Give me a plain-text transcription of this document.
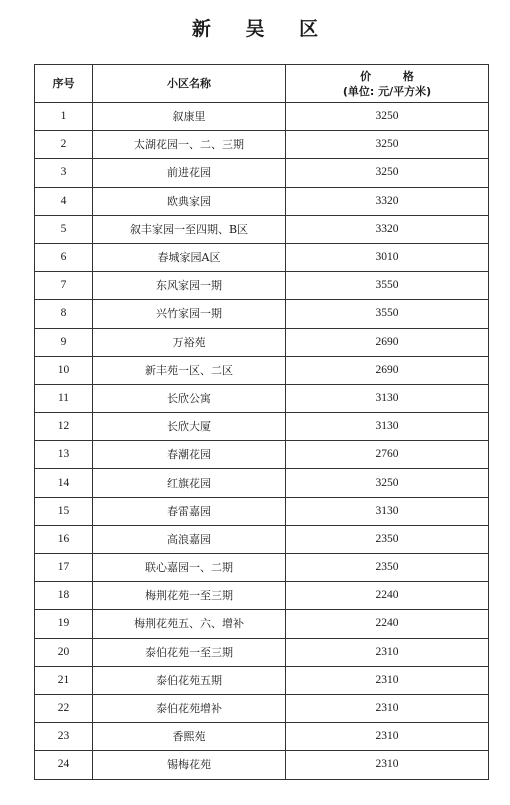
新 吴 区
序号	小区名称	价 格
(单位: 元/平方米)

1	叙康里	3250
2	太湖花园一、二、三期	3250
3	前进花园	3250
4	欧典家园	3320
5	叙丰家园一至四期、B区	3320
6	春城家园A区	3010
7	东风家园一期	3550
8	兴竹家园一期	3550
9	万裕苑	2690
10	新丰苑一区、二区	2690
11	长欣公寓	3130
12	长欣大厦	3130
13	春潮花园	2760
14	红旗花园	3250
15	春雷嘉园	3130
16	高浪嘉园	2350
17	联心嘉园一、二期	2350
18	梅荆花苑一至三期	2240
19	梅荆花苑五、六、增补	2240
20	泰伯花苑一至三期	2310
21	泰伯花苑五期	2310
22	泰伯花苑增补	2310
23	香熙苑	2310
24	锡梅花苑	2310
